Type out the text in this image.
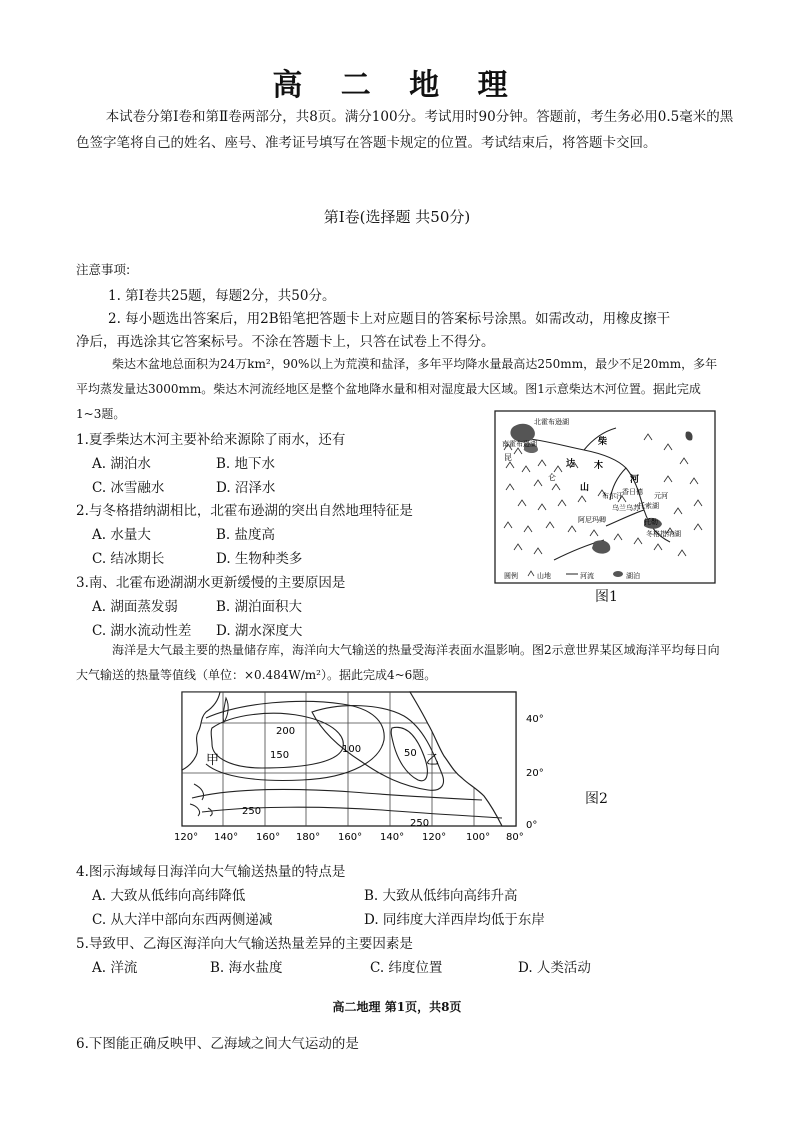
高 二 地 理
本试卷分第Ⅰ卷和第Ⅱ卷两部分，共8页。满分100分。考试用时90分钟。答题前，考生务必用0.5毫米的黑色签字笔将自己的姓名、座号、准考证号填写在答题卡规定的位置。考试结束后，将答题卡交回。
第Ⅰ卷(选择题 共50分)
注意事项:
1. 第Ⅰ卷共25题，每题2分，共50分。
2. 每小题选出答案后，用2B铅笔把答题卡上对应题目的答案标号涂黑。如需改动，用橡皮擦干
净后，再选涂其它答案标号。不涂在答题卡上，只答在试卷上不得分。
柴达木盆地总面积为24万km²，90%以上为荒漠和盐泽，多年平均降水量最高达250mm，最少不足20mm，多年平均蒸发量达3000mm。柴达木河流经地区是整个盆地降水量和相对湿度最大区域。图1示意柴达木河位置。据此完成1~3题。
1.夏季柴达木河主要补给来源除了雨水，还有
A. 湖泊水	B. 地下水
C. 冰雪融水	D. 沼泽水
2.与冬格措纳湖相比，北霍布逊湖的突出自然地理特征是
A. 水量大	B. 盐度高
C. 结冰期长	D. 生物种类多
3.南、北霍布逊湖湖水更新缓慢的主要原因是
A. 湖面蒸发弱	B. 湖泊面积大
C. 湖水流动性差 D. 湖水深度大
北霍布逊湖
南霍布逊湖
昆
仑
达 木
山
河
柴
布尔汗 香日德
乌兰乌苏
托索湖
阿尼玛卿
冬格措纳湖
托勒
元河
圆例	山地	河流	湖泊
图1
海洋是大气最主要的热量储存库，海洋向大气输送的热量受海洋表面水温影响。图2示意世界某区域海洋平均每日向大气输送的热量等值线（单位：×0.484W/m²）。据此完成4~6题。
200
150
100	50
250
250
甲	乙
120° 140° 160° 180° 160° 140° 120° 100° 80°
40°
20°
0°
图2
4.图示海域每日海洋向大气输送热量的特点是
A. 大致从低纬向高纬降低	B. 大致从低纬向高纬升高
C. 从大洋中部向东西两侧递减	D. 同纬度大洋西岸均低于东岸
5.导致甲、乙海区海洋向大气输送热量差异的主要因素是
A. 洋流	B. 海水盐度	C. 纬度位置	D. 人类活动
高二地理 第1页，共8页
6.下图能正确反映甲、乙海域之间大气运动的是
